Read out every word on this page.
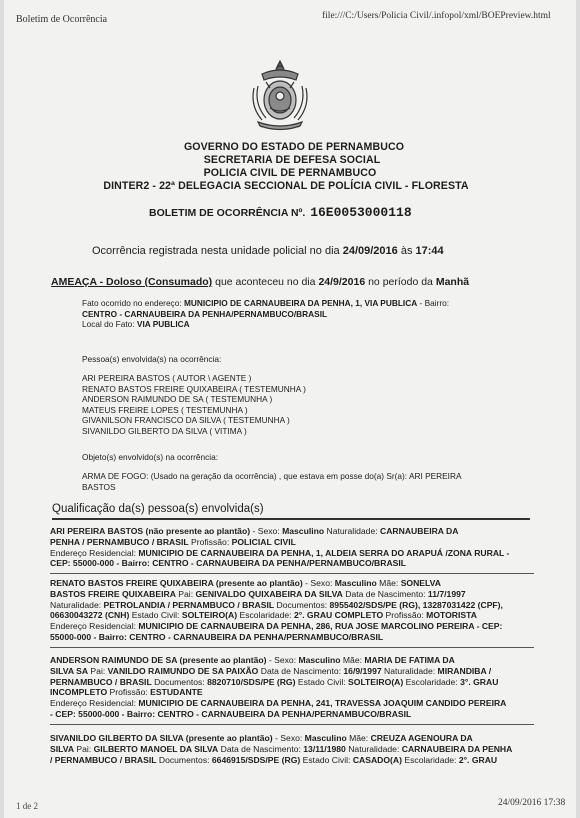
Boletim de Ocorrência	file:///C:/Users/Policia Civil/.infopol/xml/BOEPreview.html
GOVERNO DO ESTADO DE PERNAMBUCO
SECRETARIA DE DEFESA SOCIAL
POLICIA CIVIL DE PERNAMBUCO
DINTER2 - 22ª DELEGACIA SECCIONAL DE POLÍCIA CIVIL - FLORESTA
BOLETIM DE OCORRÊNCIA Nº. 16E0053000118
Ocorrência registrada nesta unidade policial no dia 24/09/2016 às 17:44
AMEAÇA - Doloso (Consumado) que aconteceu no dia 24/9/2016 no período da Manhã
Fato ocorrido no endereço: MUNICIPIO DE CARNAUBEIRA DA PENHA, 1, VIA PUBLICA - Bairro:
CENTRO - CARNAUBEIRA DA PENHA/PERNAMBUCO/BRASIL
Local do Fato: VIA PUBLICA
Pessoa(s) envolvida(s) na ocorrência:
ARI PEREIRA BASTOS ( AUTOR \ AGENTE )
RENATO BASTOS FREIRE QUIXABEIRA ( TESTEMUNHA )
ANDERSON RAIMUNDO DE SA ( TESTEMUNHA )
MATEUS FREIRE LOPES ( TESTEMUNHA )
GIVANILSON FRANCISCO DA SILVA ( TESTEMUNHA )
SIVANILDO GILBERTO DA SILVA ( VITIMA )
Objeto(s) envolvido(s) na ocorrência:
ARMA DE FOGO: (Usado na geração da ocorrência) , que estava em posse do(a) Sr(a): ARI PEREIRA
BASTOS
Qualificação da(s) pessoa(s) envolvida(s)
ARI PEREIRA BASTOS (não presente ao plantão) - Sexo: Masculino Naturalidade: CARNAUBEIRA DA
PENHA / PERNAMBUCO / BRASIL Profissão: POLICIAL CIVIL
Endereço Residencial: MUNICIPIO DE CARNAUBEIRA DA PENHA, 1, ALDEIA SERRA DO ARAPUÁ /ZONA RURAL -
CEP: 55000-000 - Bairro: CENTRO - CARNAUBEIRA DA PENHA/PERNAMBUCO/BRASIL
RENATO BASTOS FREIRE QUIXABEIRA (presente ao plantão) - Sexo: Masculino Mãe: SONELVA
BASTOS FREIRE QUIXABEIRA Pai: GENIVALDO QUIXABEIRA DA SILVA Data de Nascimento: 11/7/1997
Naturalidade: PETROLANDIA / PERNAMBUCO / BRASIL Documentos: 8955402/SDS/PE (RG), 13287031422 (CPF),
06630043272 (CNH) Estado Civil: SOLTEIRO(A) Escolaridade: 2°. GRAU COMPLETO Profissão: MOTORISTA
Endereço Residencial: MUNICIPIO DE CARNAUBEIRA DA PENHA, 286, RUA JOSE MARCOLINO PEREIRA - CEP:
55000-000 - Bairro: CENTRO - CARNAUBEIRA DA PENHA/PERNAMBUCO/BRASIL
ANDERSON RAIMUNDO DE SA (presente ao plantão) - Sexo: Masculino Mãe: MARIA DE FATIMA DA
SILVA SA Pai: VANILDO RAIMUNDO DE SA PAIXÃO Data de Nascimento: 16/9/1997 Naturalidade: MIRANDIBA /
PERNAMBUCO / BRASIL Documentos: 8820710/SDS/PE (RG) Estado Civil: SOLTEIRO(A) Escolaridade: 3°. GRAU
INCOMPLETO Profissão: ESTUDANTE
Endereço Residencial: MUNICIPIO DE CARNAUBEIRA DA PENHA, 241, TRAVESSA JOAQUIM CANDIDO PEREIRA
- CEP: 55000-000 - Bairro: CENTRO - CARNAUBEIRA DA PENHA/PERNAMBUCO/BRASIL
SIVANILDO GILBERTO DA SILVA (presente ao plantão) - Sexo: Masculino Mãe: CREUZA AGENOURA DA
SILVA Pai: GILBERTO MANOEL DA SILVA Data de Nascimento: 13/11/1980 Naturalidade: CARNAUBEIRA DA PENHA
/ PERNAMBUCO / BRASIL Documentos: 6646915/SDS/PE (RG) Estado Civil: CASADO(A) Escolaridade: 2°. GRAU
1 de 2	24/09/2016 17:38
